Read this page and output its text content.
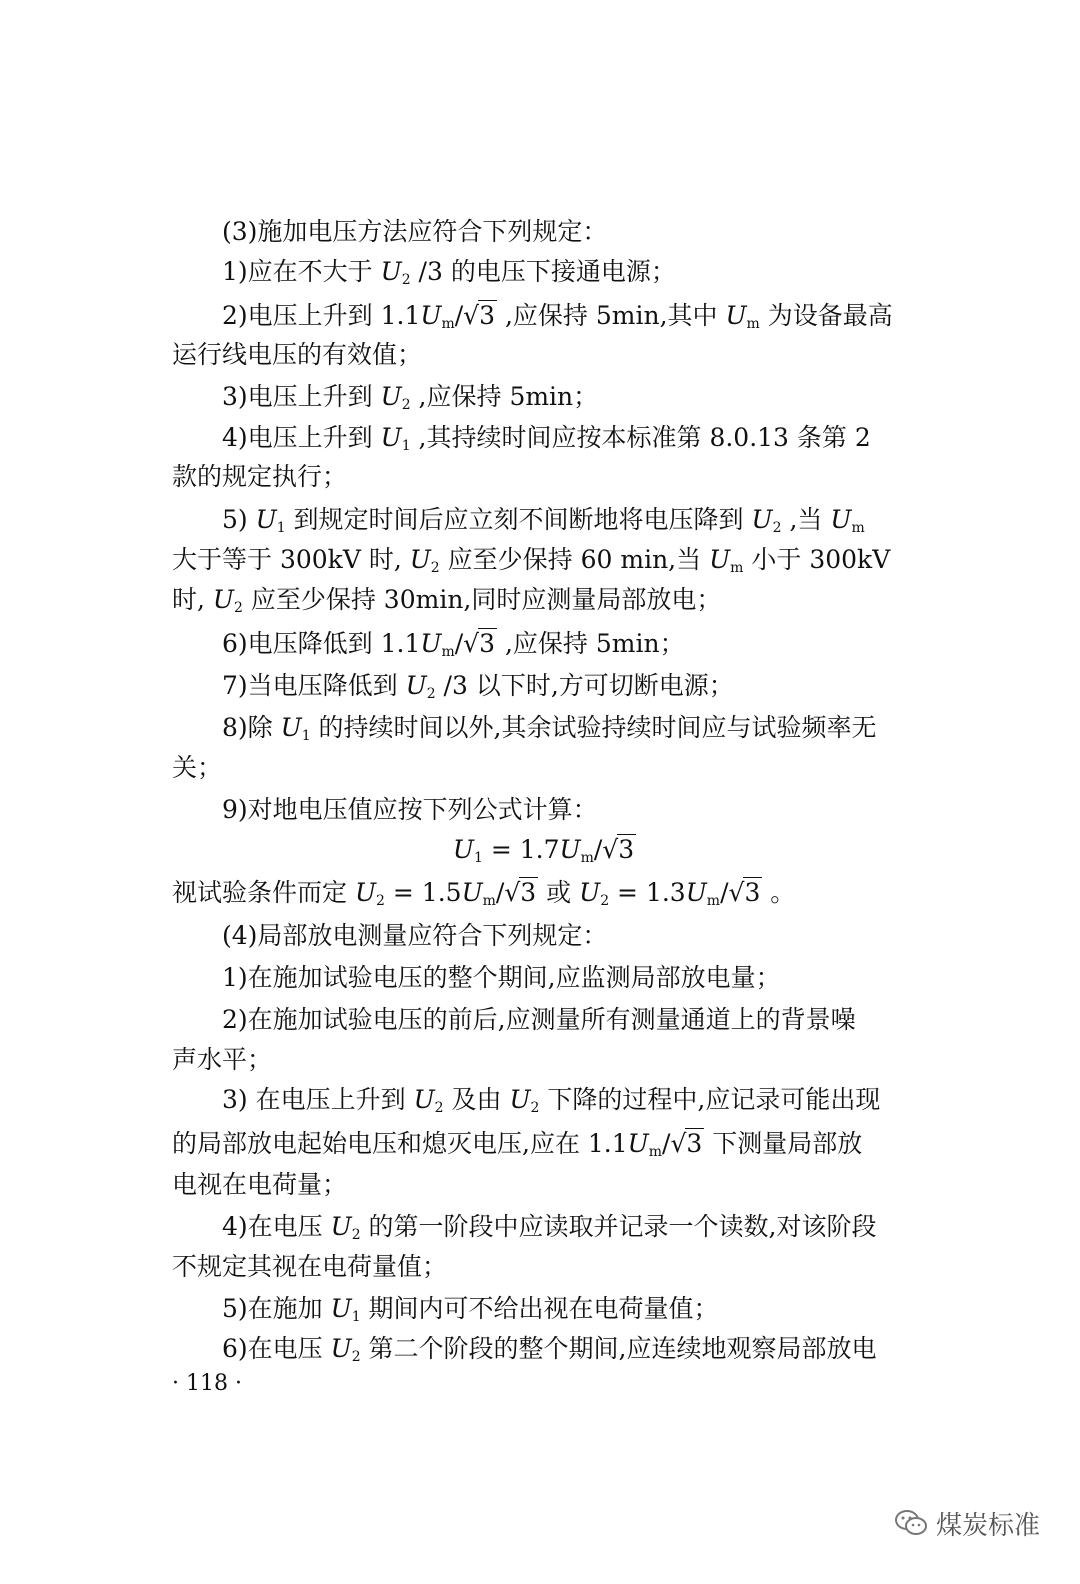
(3)施加电压方法应符合下列规定：
1)应在不大于 $U_2$ /3 的电压下接通电源；
2)电压上升到 $1.1U_m/√3$ ,应保持 5min,其中 $U_m$ 为设备最高
运行线电压的有效值；
3)电压上升到 $U_2$ ,应保持 5min；
4)电压上升到 $U_1$ ,其持续时间应按本标准第 8.0.13 条第 2
款的规定执行；
5) $U_1$ 到规定时间后应立刻不间断地将电压降到 $U_2$ ,当 $U_m$
大于等于 300kV 时, $U_2$ 应至少保持 60 min,当 $U_m$ 小于 300kV
时, $U_2$ 应至少保持 30min,同时应测量局部放电；
6)电压降低到 $1.1U_m/√3$ ,应保持 5min；
7)当电压降低到 $U_2$ /3 以下时,方可切断电源；
8)除 $U_1$ 的持续时间以外,其余试验持续时间应与试验频率无
关；
9)对地电压值应按下列公式计算：
$U_1 = 1.7U_m/√3$
视试验条件而定 $U_2 = 1.5U_m/√3$ 或 $U_2 = 1.3U_m/√3$ 。
(4)局部放电测量应符合下列规定：
1)在施加试验电压的整个期间,应监测局部放电量；
2)在施加试验电压的前后,应测量所有测量通道上的背景噪
声水平；
3) 在电压上升到 $U_2$ 及由 $U_2$ 下降的过程中,应记录可能出现
的局部放电起始电压和熄灭电压,应在 $1.1U_m/√3$ 下测量局部放
电视在电荷量；
4)在电压 $U_2$ 的第一阶段中应读取并记录一个读数,对该阶段
不规定其视在电荷量值；
5)在施加 $U_1$ 期间内可不给出视在电荷量值；
6)在电压 $U_2$ 第二个阶段的整个期间,应连续地观察局部放电
· 118 ·
煤炭标准
